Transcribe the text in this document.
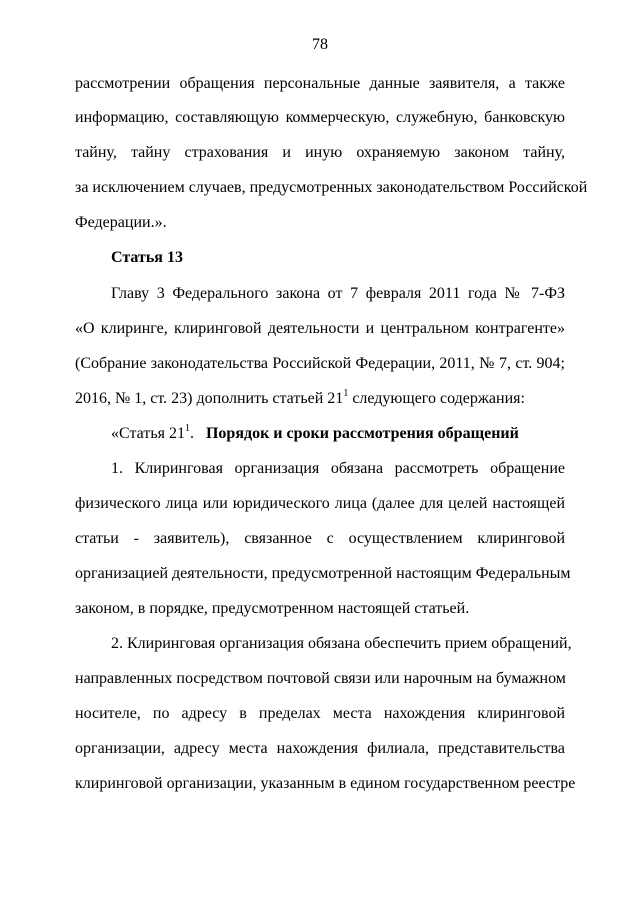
78
рассмотрении обращения персональные данные заявителя, а также
информацию, составляющую коммерческую, служебную, банковскую
тайну, тайну страхования и иную охраняемую законом тайну,
за исключением случаев, предусмотренных законодательством Российской
Федерации.».
Статья 13
Главу 3 Федерального закона от 7 февраля 2011 года № 7-ФЗ
«О клиринге, клиринговой деятельности и центральном контрагенте»
(Собрание законодательства Российской Федерации, 2011, № 7, ст. 904;
2016, № 1, ст. 23) дополнить статьей $21^1$ следующего содержания:
«Статья $21^1$. Порядок и сроки рассмотрения обращений
1. Клиринговая организация обязана рассмотреть обращение
физического лица или юридического лица (далее для целей настоящей
статьи - заявитель), связанное с осуществлением клиринговой
организацией деятельности, предусмотренной настоящим Федеральным
законом, в порядке, предусмотренном настоящей статьей.
2. Клиринговая организация обязана обеспечить прием обращений,
направленных посредством почтовой связи или нарочным на бумажном
носителе, по адресу в пределах места нахождения клиринговой
организации, адресу места нахождения филиала, представительства
клиринговой организации, указанным в едином государственном реестре
